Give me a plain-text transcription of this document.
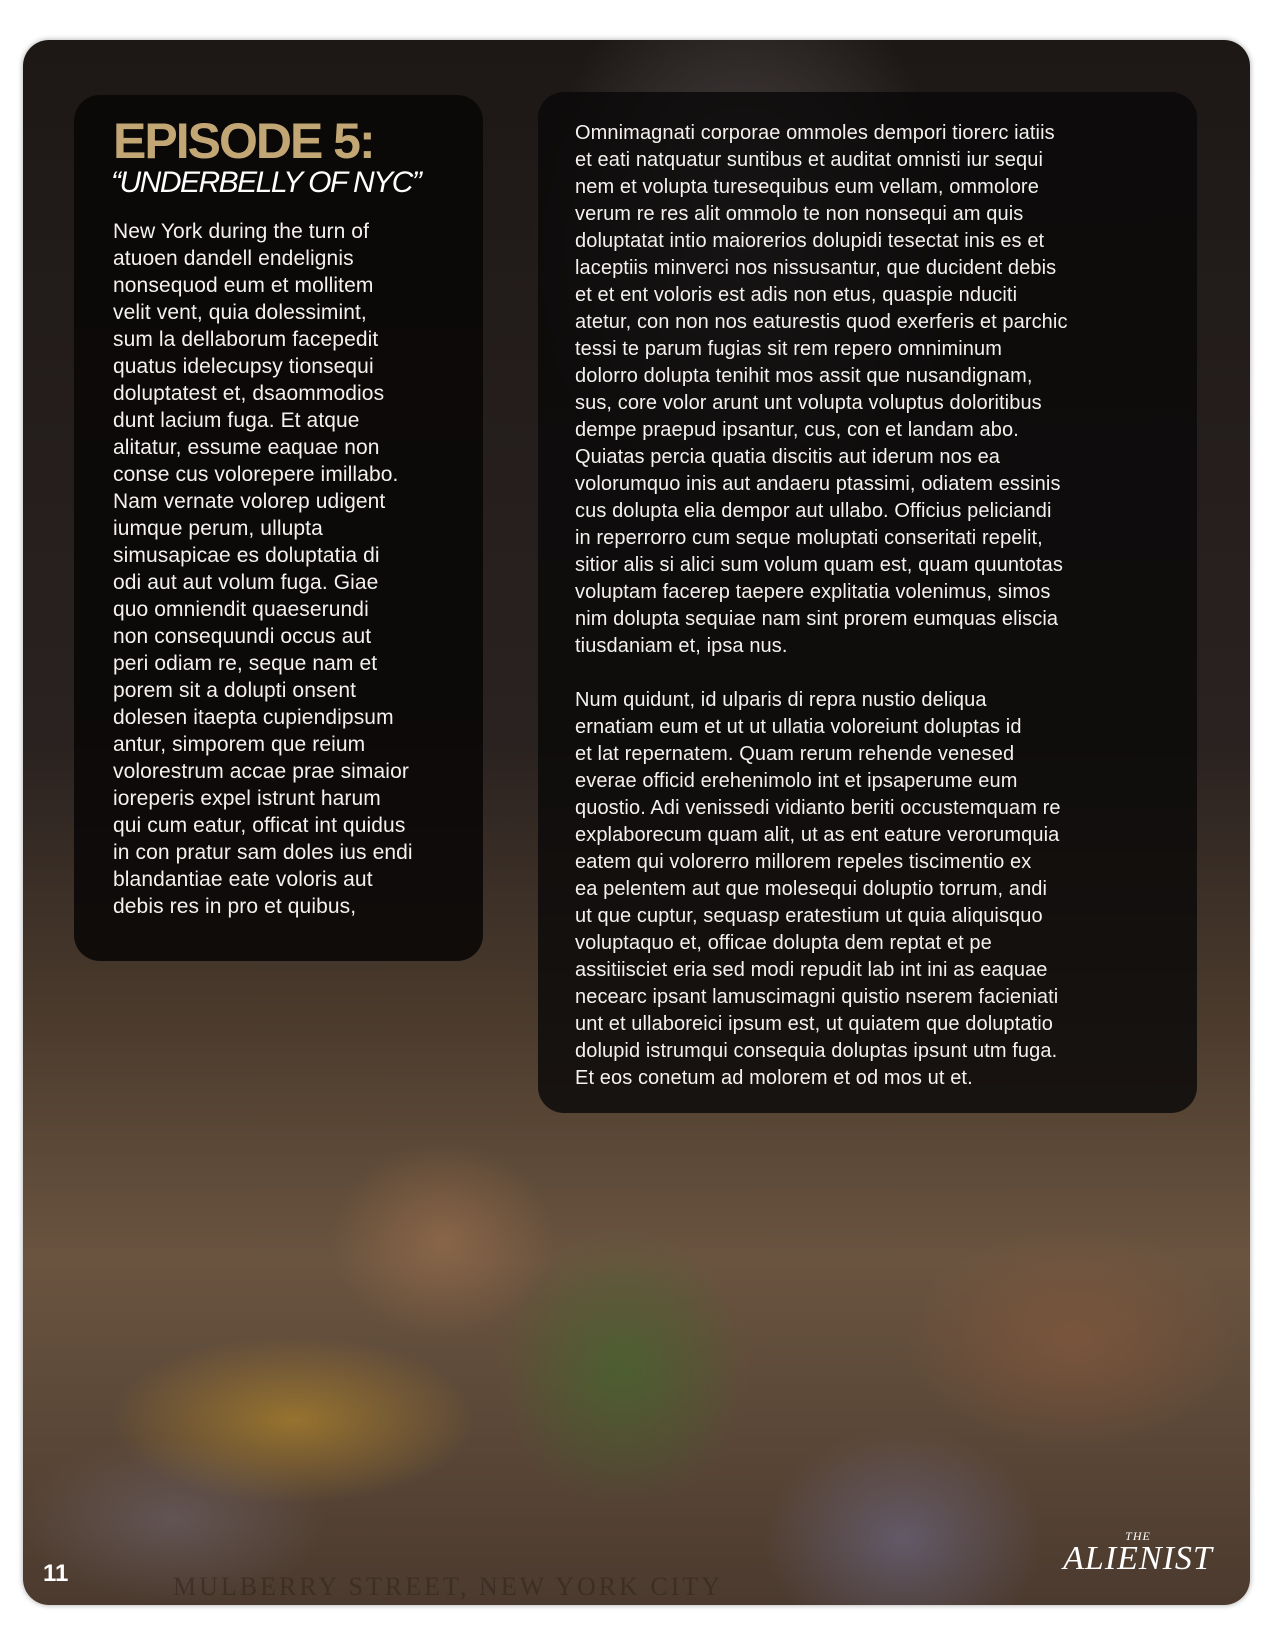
EPISODE 5:
“UNDERBELLY OF NYC”
New York during the turn of
atuoen dandell endelignis
nonsequod eum et mollitem
velit vent, quia dolessimint,
sum la dellaborum facepedit
quatus idelecupsy tionsequi
doluptatest et, dsaommodios
dunt lacium fuga. Et atque
alitatur, essume eaquae non
conse cus volorepere imillabo.
Nam vernate volorep udigent
iumque perum, ullupta
simusapicae es doluptatia di
odi aut aut volum fuga. Giae
quo omniendit quaeserundi
non consequundi occus aut
peri odiam re, seque nam et
porem sit a dolupti onsent
dolesen itaepta cupiendipsum
antur, simporem que reium
volorestrum accae prae simaior
ioreperis expel istrunt harum
qui cum eatur, officat int quidus
in con pratur sam doles ius endi
blandantiae eate voloris aut
debis res in pro et quibus,
Omnimagnati corporae ommoles dempori tiorerc iatiis
et eati natquatur suntibus et auditat omnisti iur sequi
nem et volupta turesequibus eum vellam, ommolore
verum re res alit ommolo te non nonsequi am quis
doluptatat intio maiorerios dolupidi tesectat inis es et
laceptiis minverci nos nissusantur, que ducident debis
et et ent voloris est adis non etus, quaspie nduciti
atetur, con non nos eaturestis quod exerferis et parchic
tessi te parum fugias sit rem repero omniminum
dolorro dolupta tenihit mos assit que nusandignam,
sus, core volor arunt unt volupta voluptus doloritibus
dempe praepud ipsantur, cus, con et landam abo.
Quiatas percia quatia discitis aut iderum nos ea
volorumquo inis aut andaeru ptassimi, odiatem essinis
cus dolupta elia dempor aut ullabo. Officius peliciandi
in reperrorro cum seque moluptati conseritati repelit,
sitior alis si alici sum volum quam est, quam quuntotas
voluptam facerep taepere explitatia volenimus, simos
nim dolupta sequiae nam sint prorem eumquas eliscia
tiusdaniam et, ipsa nus.
Num quidunt, id ulparis di repra nustio deliqua
ernatiam eum et ut ut ullatia voloreiunt doluptas id
et lat repernatem. Quam rerum rehende venesed
everae officid erehenimolo int et ipsaperume eum
quostio. Adi venissedi vidianto beriti occustemquam re
explaborecum quam alit, ut as ent eature verorumquia
eatem qui volorerro millorem repeles tiscimentio ex
ea pelentem aut que molesequi doluptio torrum, andi
ut que cuptur, sequasp eratestium ut quia aliquisquo
voluptaquo et, officae dolupta dem reptat et pe
assitiisciet eria sed modi repudit lab int ini as eaquae
necearc ipsant lamuscimagni quistio nserem facieniati
unt et ullaboreici ipsum est, ut quiatem que doluptatio
dolupid istrumqui consequia doluptas ipsunt utm fuga.
Et eos conetum ad molorem et od mos ut et.
MULBERRY STREET, NEW YORK CITY
11
THE
ALIENIST
